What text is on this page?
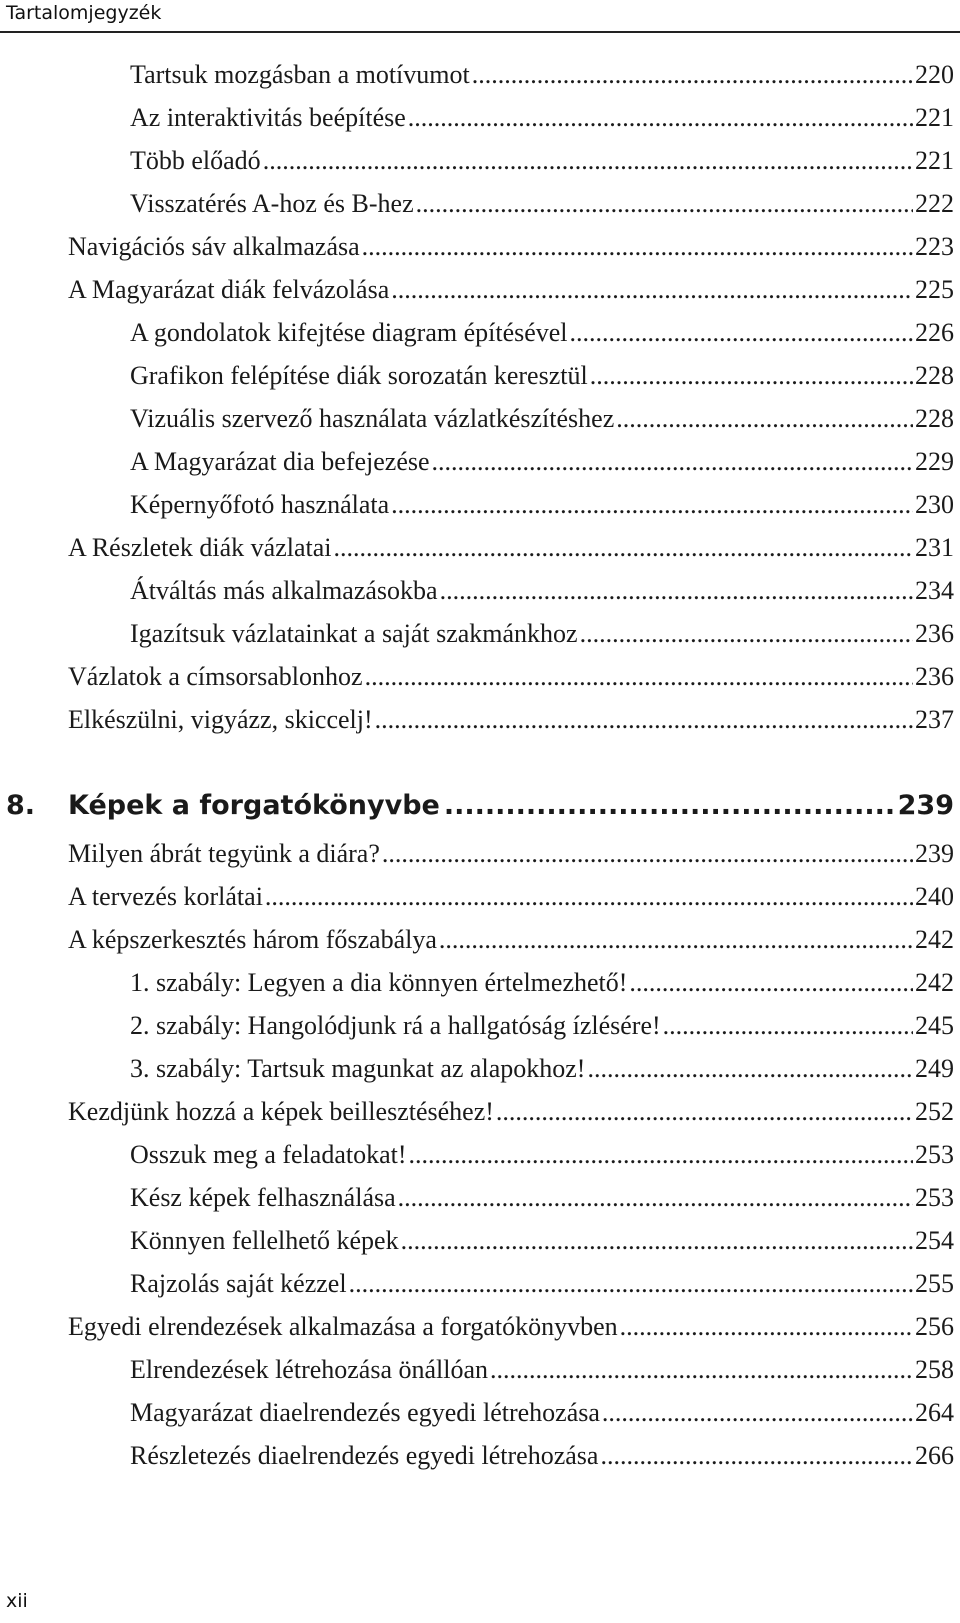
Tartalomjegyzék
Tartsuk mozgásban a motívumot .....	220
Az interaktivitás beépítése .....	221
Több előadó .....	221
Visszatérés A-hoz és B-hez .....	222
Navigációs sáv alkalmazása .....	223
A Magyarázat diák felvázolása .....	225
A gondolatok kifejtése diagram építésével .....	226
Grafikon felépítése diák sorozatán keresztül .....	228
Vizuális szervező használata vázlatkészítéshez .....	228
A Magyarázat dia befejezése .....	229
Képernyőfotó használata .....	230
A Részletek diák vázlatai .....	231
Átváltás más alkalmazásokba .....	234
Igazítsuk vázlatainkat a saját szakmánkhoz .....	236
Vázlatok a címsorsablonhoz .....	236
Elkészülni, vigyázz, skiccelj! .....	237
8.	Képek a forgatókönyvbe .....	239
Milyen ábrát tegyünk a diára? .....	239
A tervezés korlátai .....	240
A képszerkesztés három főszabálya .....	242
1. szabály: Legyen a dia könnyen értelmezhető! .....	242
2. szabály: Hangolódjunk rá a hallgatóság ízlésére! .....	245
3. szabály: Tartsuk magunkat az alapokhoz! .....	249
Kezdjünk hozzá a képek beillesztéséhez! .....	252
Osszuk meg a feladatokat! .....	253
Kész képek felhasználása .....	253
Könnyen fellelhető képek .....	254
Rajzolás saját kézzel .....	255
Egyedi elrendezések alkalmazása a forgatókönyvben .....	256
Elrendezések létrehozása önállóan .....	258
Magyarázat diaelrendezés egyedi létrehozása .....	264
Részletezés diaelrendezés egyedi létrehozása .....	266
xii
